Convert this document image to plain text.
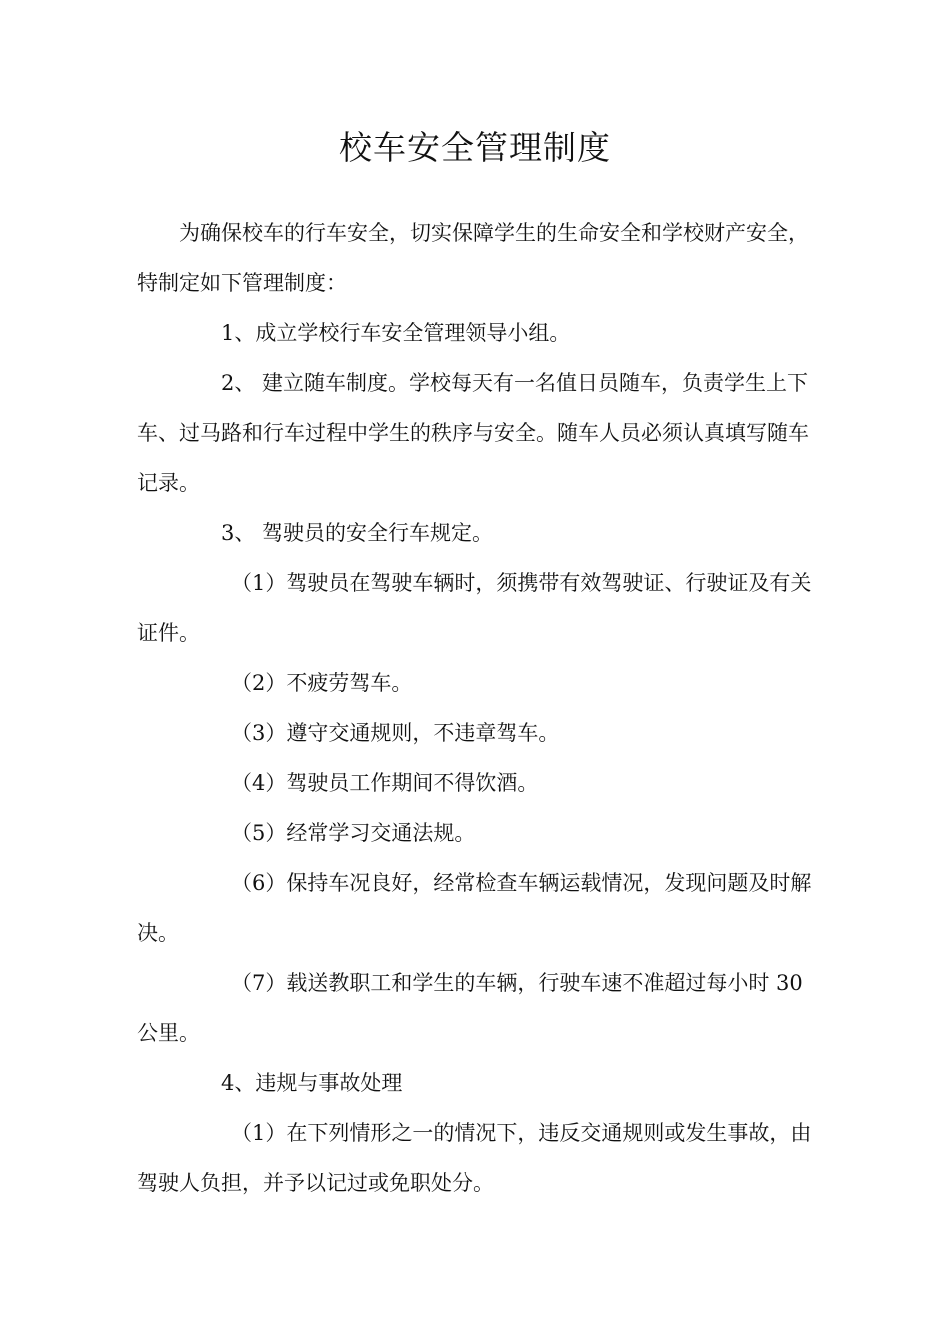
校车安全管理制度
为确保校车的行车安全，切实保障学生的生命安全和学校财产安全，特制定如下管理制度：
1、成立学校行车安全管理领导小组。
2、 建立随车制度。学校每天有一名值日员随车，负责学生上下车、过马路和行车过程中学生的秩序与安全。随车人员必须认真填写随车记录。
3、 驾驶员的安全行车规定。
（1）驾驶员在驾驶车辆时，须携带有效驾驶证、行驶证及有关证件。
（2）不疲劳驾车。
（3）遵守交通规则，不违章驾车。
（4）驾驶员工作期间不得饮酒。
（5）经常学习交通法规。
（6）保持车况良好，经常检查车辆运载情况，发现问题及时解决。
（7）载送教职工和学生的车辆，行驶车速不准超过每小时 30 公里。
4、违规与事故处理
（1）在下列情形之一的情况下，违反交通规则或发生事故，由驾驶人负担，并予以记过或免职处分。
